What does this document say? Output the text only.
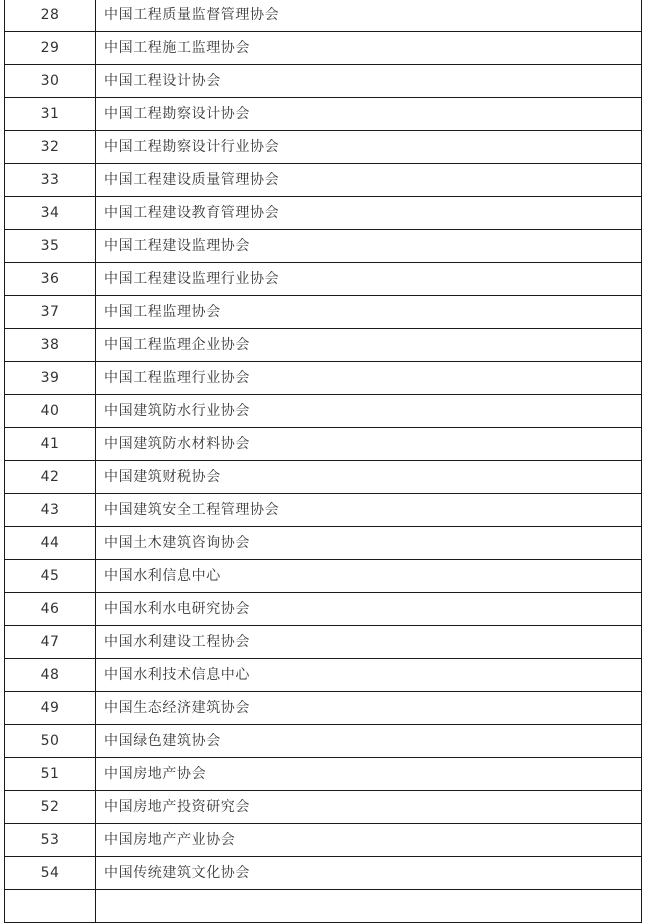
28	中国工程质量监督管理协会
29	中国工程施工监理协会
30	中国工程设计协会
31	中国工程勘察设计协会
32	中国工程勘察设计行业协会
33	中国工程建设质量管理协会
34	中国工程建设教育管理协会
35	中国工程建设监理协会
36	中国工程建设监理行业协会
37	中国工程监理协会
38	中国工程监理企业协会
39	中国工程监理行业协会
40	中国建筑防水行业协会
41	中国建筑防水材料协会
42	中国建筑财税协会
43	中国建筑安全工程管理协会
44	中国土木建筑咨询协会
45	中国水利信息中心
46	中国水利水电研究协会
47	中国水利建设工程协会
48	中国水利技术信息中心
49	中国生态经济建筑协会
50	中国绿色建筑协会
51	中国房地产协会
52	中国房地产投资研究会
53	中国房地产产业协会
54	中国传统建筑文化协会
